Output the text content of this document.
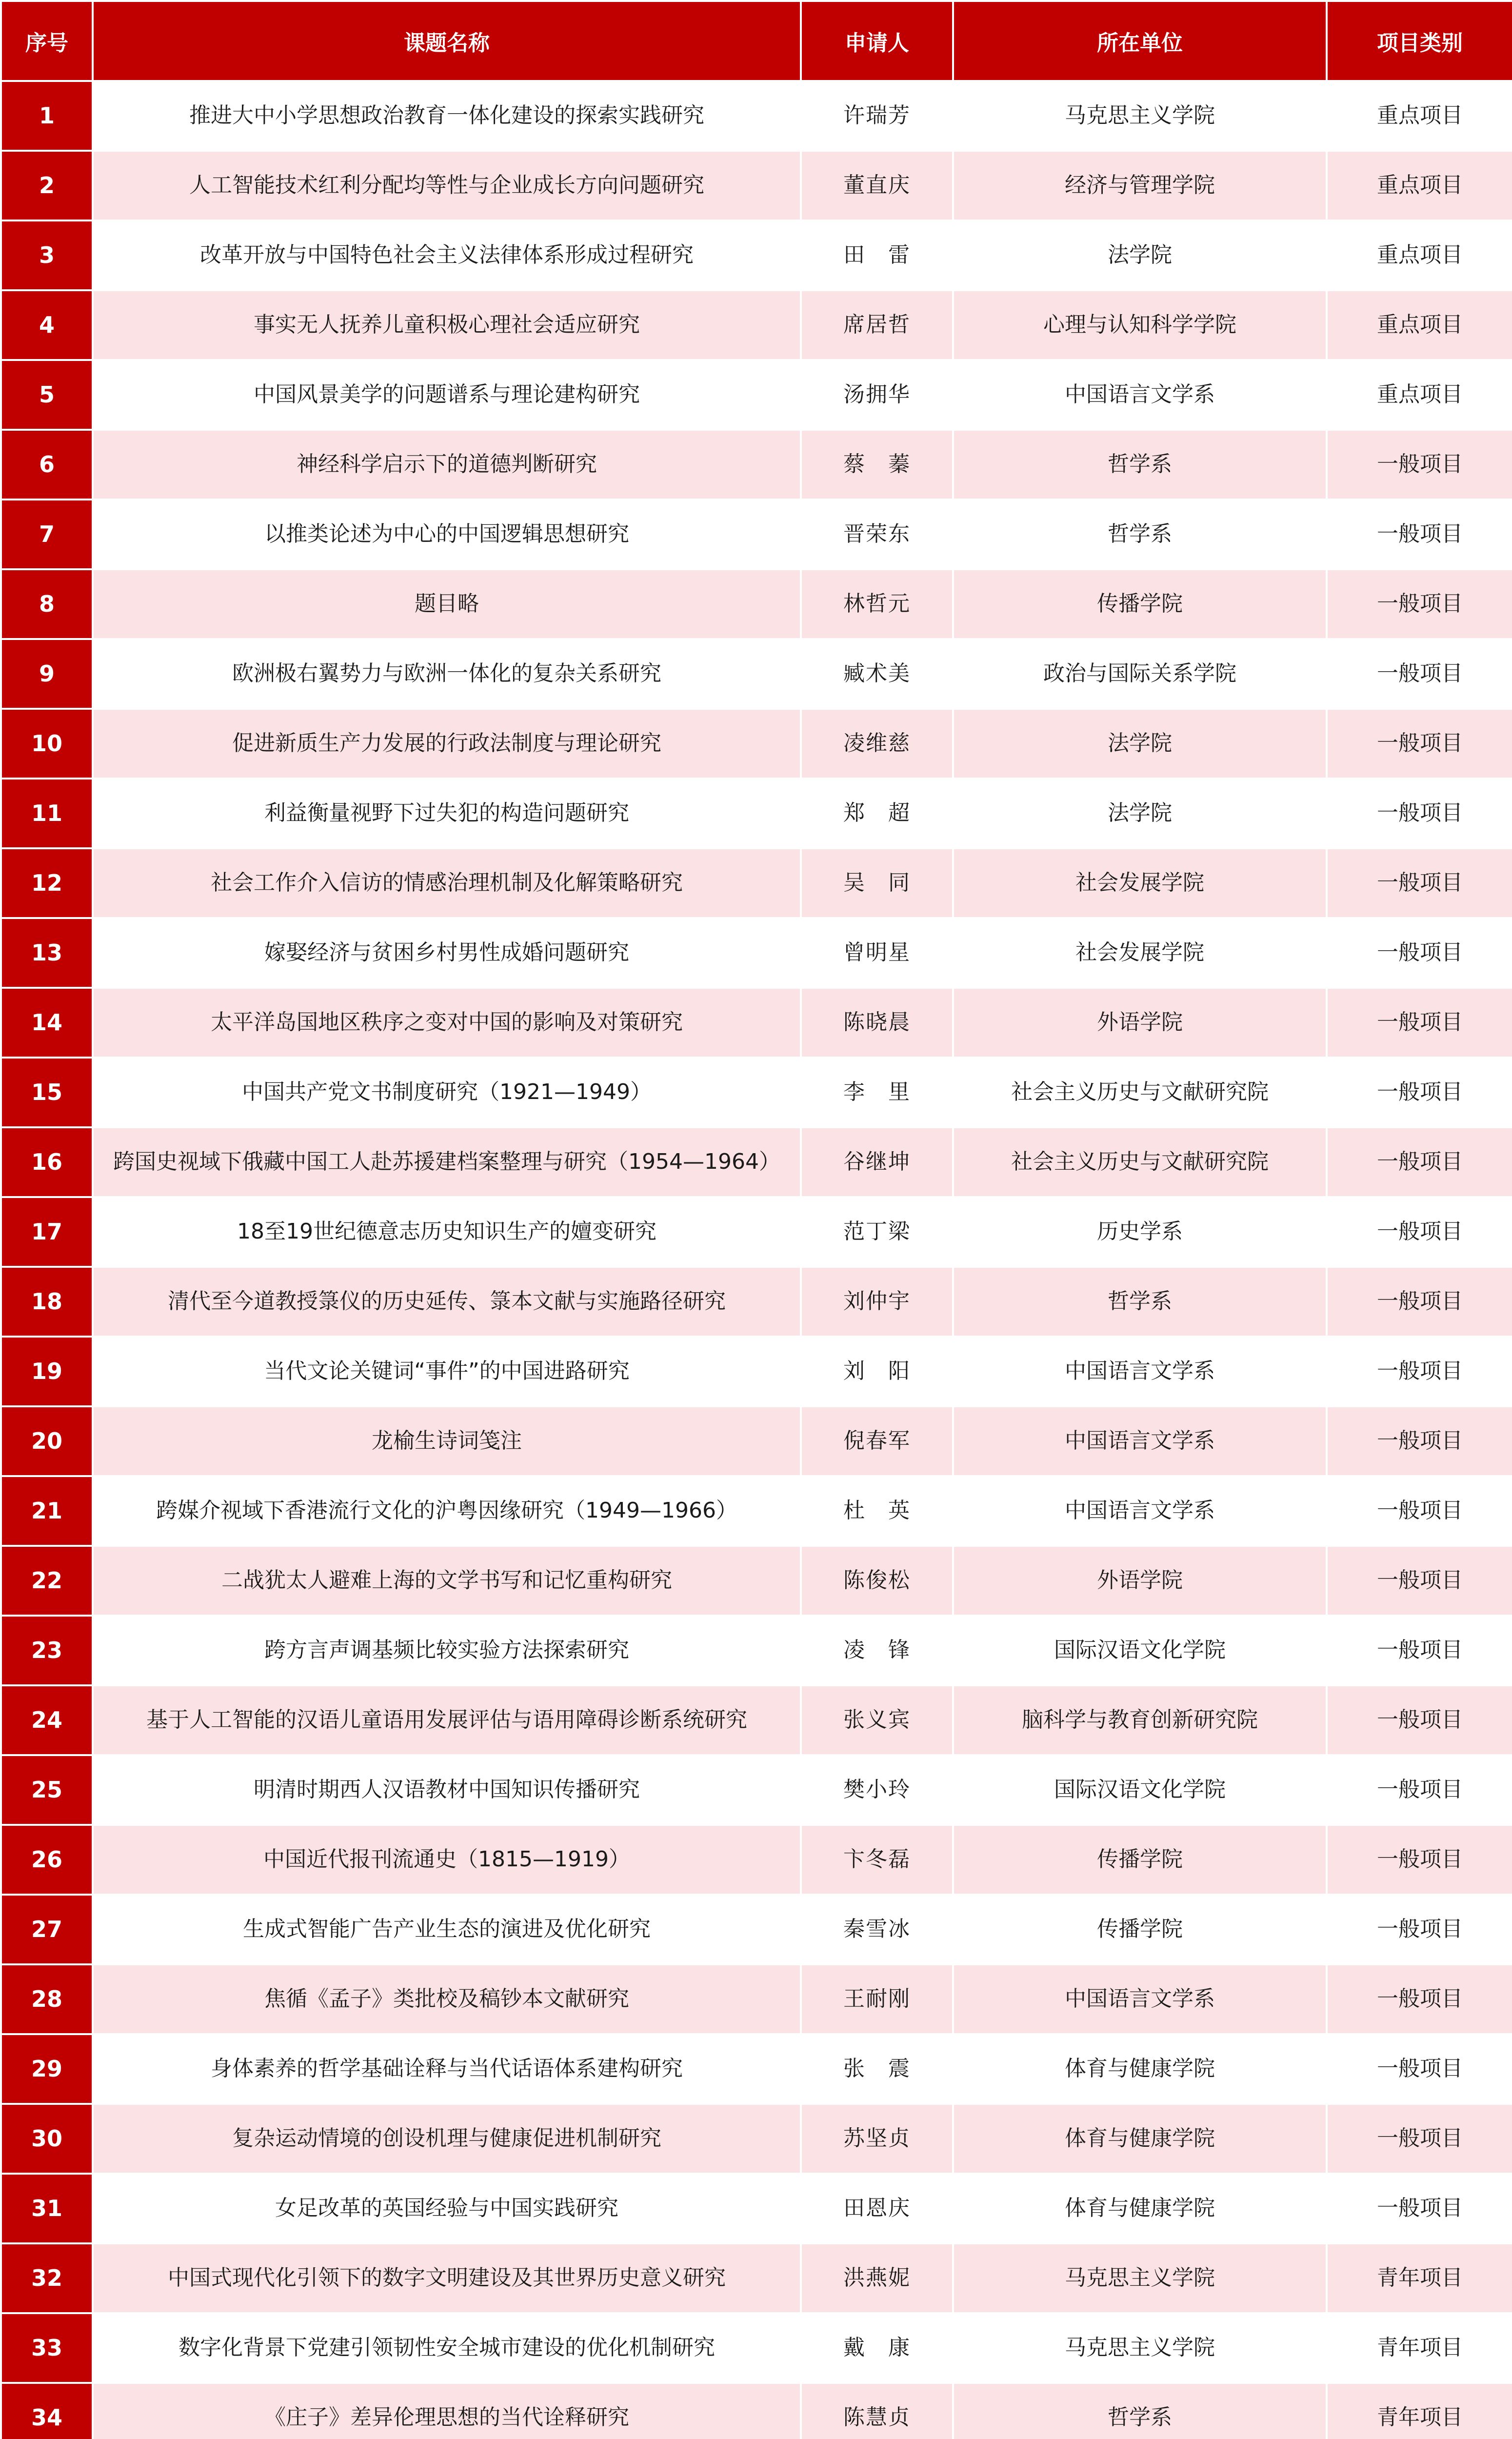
序号	课题名称	申请人	所在单位	项目类别
1	推进大中小学思想政治教育一体化建设的探索实践研究	许瑞芳	马克思主义学院	重点项目
2	人工智能技术红利分配均等性与企业成长方向问题研究	董直庆	经济与管理学院	重点项目
3	改革开放与中国特色社会主义法律体系形成过程研究	田　雷	法学院	重点项目
4	事实无人抚养儿童积极心理社会适应研究	席居哲	心理与认知科学学院	重点项目
5	中国风景美学的问题谱系与理论建构研究	汤拥华	中国语言文学系	重点项目
6	神经科学启示下的道德判断研究	蔡　蓁	哲学系	一般项目
7	以推类论述为中心的中国逻辑思想研究	晋荣东	哲学系	一般项目
8	题目略	林哲元	传播学院	一般项目
9	欧洲极右翼势力与欧洲一体化的复杂关系研究	臧术美	政治与国际关系学院	一般项目
10	促进新质生产力发展的行政法制度与理论研究	凌维慈	法学院	一般项目
11	利益衡量视野下过失犯的构造问题研究	郑　超	法学院	一般项目
12	社会工作介入信访的情感治理机制及化解策略研究	吴　同	社会发展学院	一般项目
13	嫁娶经济与贫困乡村男性成婚问题研究	曾明星	社会发展学院	一般项目
14	太平洋岛国地区秩序之变对中国的影响及对策研究	陈晓晨	外语学院	一般项目
15	中国共产党文书制度研究（1921—1949）	李　里	社会主义历史与文献研究院	一般项目
16	跨国史视域下俄藏中国工人赴苏援建档案整理与研究（1954—1964）	谷继坤	社会主义历史与文献研究院	一般项目
17	18至19世纪德意志历史知识生产的嬗变研究	范丁梁	历史学系	一般项目
18	清代至今道教授箓仪的历史延传、箓本文献与实施路径研究	刘仲宇	哲学系	一般项目
19	当代文论关键词“事件”的中国进路研究	刘　阳	中国语言文学系	一般项目
20	龙榆生诗词笺注	倪春军	中国语言文学系	一般项目
21	跨媒介视域下香港流行文化的沪粤因缘研究（1949—1966）	杜　英	中国语言文学系	一般项目
22	二战犹太人避难上海的文学书写和记忆重构研究	陈俊松	外语学院	一般项目
23	跨方言声调基频比较实验方法探索研究	凌　锋	国际汉语文化学院	一般项目
24	基于人工智能的汉语儿童语用发展评估与语用障碍诊断系统研究	张义宾	脑科学与教育创新研究院	一般项目
25	明清时期西人汉语教材中国知识传播研究	樊小玲	国际汉语文化学院	一般项目
26	中国近代报刊流通史（1815—1919）	卞冬磊	传播学院	一般项目
27	生成式智能广告产业生态的演进及优化研究	秦雪冰	传播学院	一般项目
28	焦循《孟子》类批校及稿钞本文献研究	王耐刚	中国语言文学系	一般项目
29	身体素养的哲学基础诠释与当代话语体系建构研究	张　震	体育与健康学院	一般项目
30	复杂运动情境的创设机理与健康促进机制研究	苏坚贞	体育与健康学院	一般项目
31	女足改革的英国经验与中国实践研究	田恩庆	体育与健康学院	一般项目
32	中国式现代化引领下的数字文明建设及其世界历史意义研究	洪燕妮	马克思主义学院	青年项目
33	数字化背景下党建引领韧性安全城市建设的优化机制研究	戴　康	马克思主义学院	青年项目
34	《庄子》差异伦理思想的当代诠释研究	陈慧贞	哲学系	青年项目
